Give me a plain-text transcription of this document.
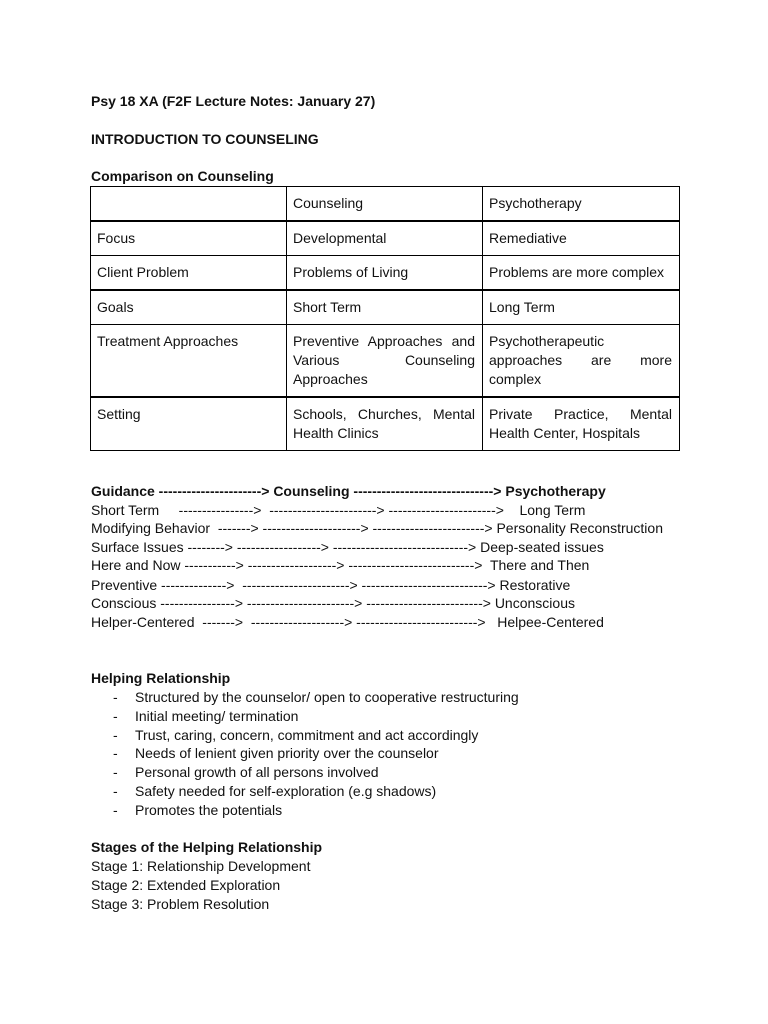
Psy 18 XA (F2F Lecture Notes: January 27)
INTRODUCTION TO COUNSELING
Comparison on Counseling
	Counseling	Psychotherapy
Focus	Developmental	Remediative
Client Problem	Problems of Living	Problems are more complex
Goals	Short Term	Long Term
Treatment Approaches	Preventive Approaches and Various Counseling Approaches	Psychotherapeutic approaches are more complex
Setting	Schools, Churches, Mental Health Clinics	Private Practice, Mental Health Center, Hospitals
Guidance ----------------------> Counseling ------------------------------> Psychotherapy
Short Term     ---------------->  -----------------------> ----------------------->    Long Term
Modifying Behavior  -------> ---------------------> ------------------------> Personality Reconstruction
Surface Issues --------> ------------------> -----------------------------> Deep-seated issues
Here and Now -----------> -------------------> --------------------------->  There and Then
Preventive -------------->  -----------------------> ---------------------------> Restorative
Conscious ----------------> -----------------------> -------------------------> Unconscious
Helper-Centered  ------->  --------------------> -------------------------->   Helpee-Centered
Helping Relationship
- Structured by the counselor/ open to cooperative restructuring
- Initial meeting/ termination
- Trust, caring, concern, commitment and act accordingly
- Needs of lenient given priority over the counselor
- Personal growth of all persons involved
- Safety needed for self-exploration (e.g shadows)
- Promotes the potentials
Stages of the Helping Relationship
Stage 1: Relationship Development
Stage 2: Extended Exploration
Stage 3: Problem Resolution
